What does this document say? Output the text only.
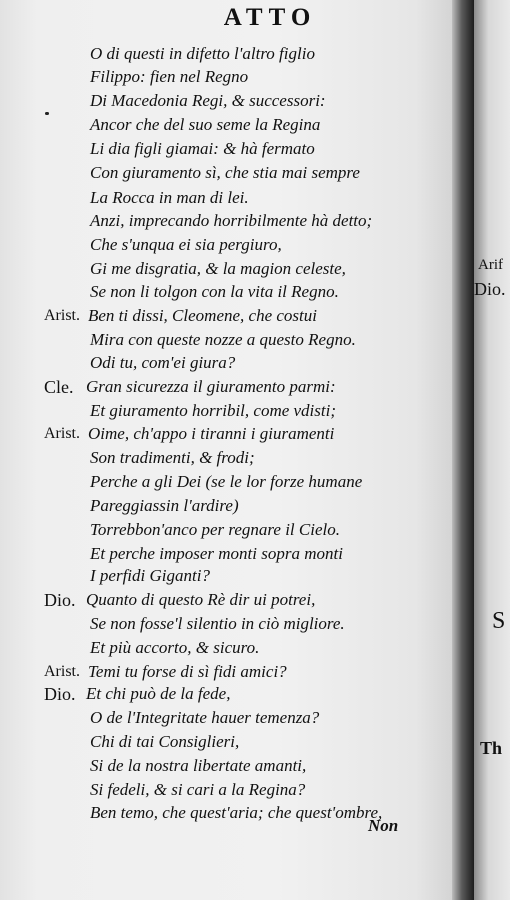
ATTO
O di questi in difetto l'altro figlio
Filippo: fien nel Regno
Di Macedonia Regi, & successori:
Ancor che del suo seme la Regina
Li dia figli giamai: & hà fermato
Con giuramento sì, che stia mai sempre
La Rocca in man di lei.
Anzi, imprecando horribilmente hà detto;
Che s'unqua ei sia pergiuro,
Gi me disgratia, & la magion celeste,
Se non li tolgon con la vita il Regno.
Arist. Ben ti dissi, Cleomene, che costui
Mira con queste nozze a questo Regno.
Odi tu, com'ei giura?
Cle. Gran sicurezza il giuramento parmi:
Et giuramento horribil, come vdisti;
Arist. Oime, ch'appo i tiranni i giuramenti
Son tradimenti, & frodi;
Perche a gli Dei (se le lor forze humane
Pareggiassin l'ardire)
Torrebbon'anco per regnare il Cielo.
Et perche imposer monti sopra monti
I perfidi Giganti?
Dio. Quanto di questo Rè dir ui potrei,
Se non fosse'l silentio in ciò migliore.
Et più accorto, & sicuro.
Arist. Temi tu forse di sì fidi amici?
Dio. Et chi può de la fede,
O de l'Integritate hauer temenza?
Chi di tai Consiglieri,
Si de la nostra libertate amanti,
Si fedeli, & si cari a la Regina?
Ben temo, che quest'aria; che quest'ombre,
Non
Arif
Dio.
S
Th
